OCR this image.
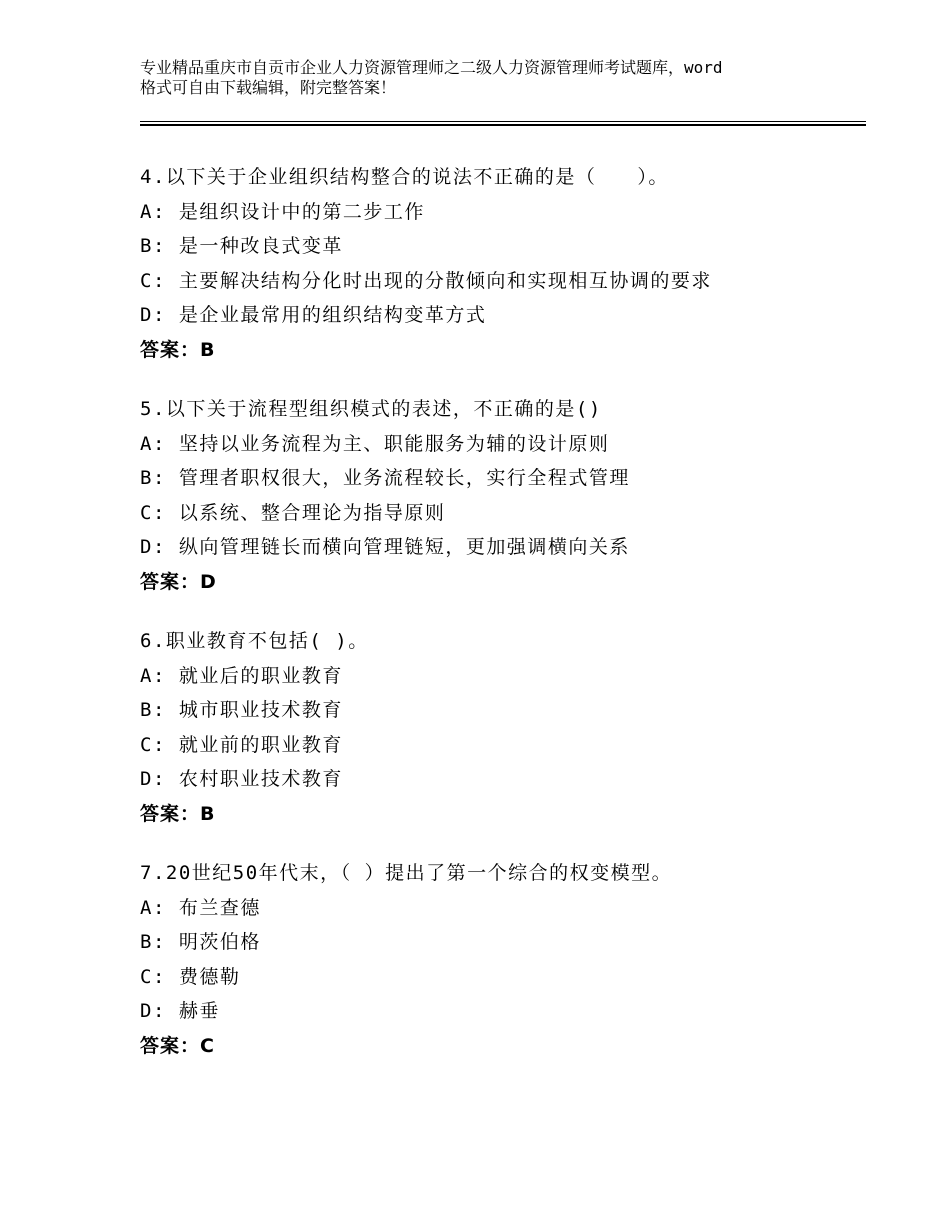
专业精品重庆市自贡市企业人力资源管理师之二级人力资源管理师考试题库，word
格式可自由下载编辑，附完整答案！
4.以下关于企业组织结构整合的说法不正确的是（　　）。
A: 是组织设计中的第二步工作
B: 是一种改良式变革
C: 主要解决结构分化时出现的分散倾向和实现相互协调的要求
D: 是企业最常用的组织结构变革方式
答案：B
5.以下关于流程型组织模式的表述，不正确的是()
A: 坚持以业务流程为主、职能服务为辅的设计原则
B: 管理者职权很大，业务流程较长，实行全程式管理
C: 以系统、整合理论为指导原则
D: 纵向管理链长而横向管理链短，更加强调横向关系
答案：D
6.职业教育不包括( )。
A: 就业后的职业教育
B: 城市职业技术教育
C: 就业前的职业教育
D: 农村职业技术教育
答案：B
7.20世纪50年代末，（ ）提出了第一个综合的权变模型。
A: 布兰查德
B: 明茨伯格
C: 费德勒
D: 赫垂
答案：C
